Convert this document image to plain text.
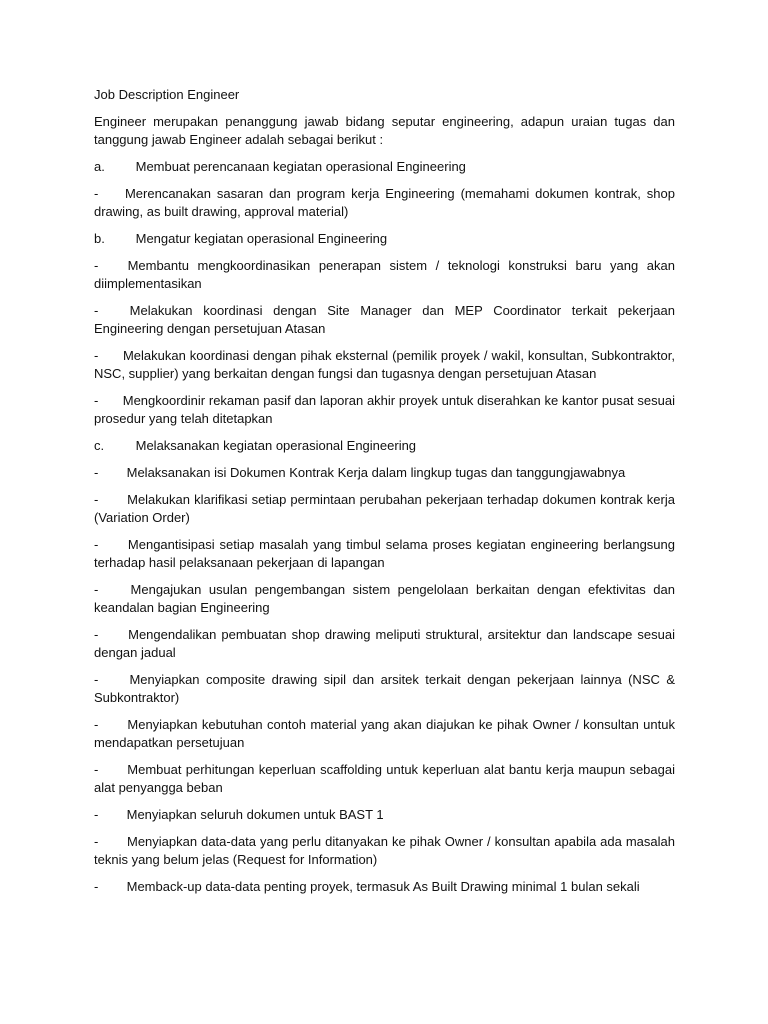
Job Description Engineer

Engineer merupakan penanggung jawab bidang seputar engineering, adapun uraian tugas dan tanggung jawab Engineer adalah sebagai berikut :

a. Membuat perencanaan kegiatan operasional Engineering

- Merencanakan sasaran dan program kerja Engineering (memahami dokumen kontrak, shop drawing, as built drawing, approval material)

b. Mengatur kegiatan operasional Engineering

- Membantu mengkoordinasikan penerapan sistem / teknologi konstruksi baru yang akan diimplementasikan

- Melakukan koordinasi dengan Site Manager dan MEP Coordinator terkait pekerjaan Engineering dengan persetujuan Atasan

- Melakukan koordinasi dengan pihak eksternal (pemilik proyek / wakil, konsultan, Subkontraktor, NSC, supplier) yang berkaitan dengan fungsi dan tugasnya dengan persetujuan Atasan

- Mengkoordinir rekaman pasif dan laporan akhir proyek untuk diserahkan ke kantor pusat sesuai prosedur yang telah ditetapkan

c. Melaksanakan kegiatan operasional Engineering

- Melaksanakan isi Dokumen Kontrak Kerja dalam lingkup tugas dan tanggungjawabnya

- Melakukan klarifikasi setiap permintaan perubahan pekerjaan terhadap dokumen kontrak kerja (Variation Order)

- Mengantisipasi setiap masalah yang timbul selama proses kegiatan engineering berlangsung terhadap hasil pelaksanaan pekerjaan di lapangan

- Mengajukan usulan pengembangan sistem pengelolaan berkaitan dengan efektivitas dan keandalan bagian Engineering

- Mengendalikan pembuatan shop drawing meliputi struktural, arsitektur dan landscape sesuai dengan jadual

- Menyiapkan composite drawing sipil dan arsitek terkait dengan pekerjaan lainnya (NSC & Subkontraktor)

- Menyiapkan kebutuhan contoh material yang akan diajukan ke pihak Owner / konsultan untuk mendapatkan persetujuan

- Membuat perhitungan keperluan scaffolding untuk keperluan alat bantu kerja maupun sebagai alat penyangga beban

- Menyiapkan seluruh dokumen untuk BAST 1

- Menyiapkan data-data yang perlu ditanyakan ke pihak Owner / konsultan apabila ada masalah teknis yang belum jelas (Request for Information)

- Memback-up data-data penting proyek, termasuk As Built Drawing minimal 1 bulan sekali
